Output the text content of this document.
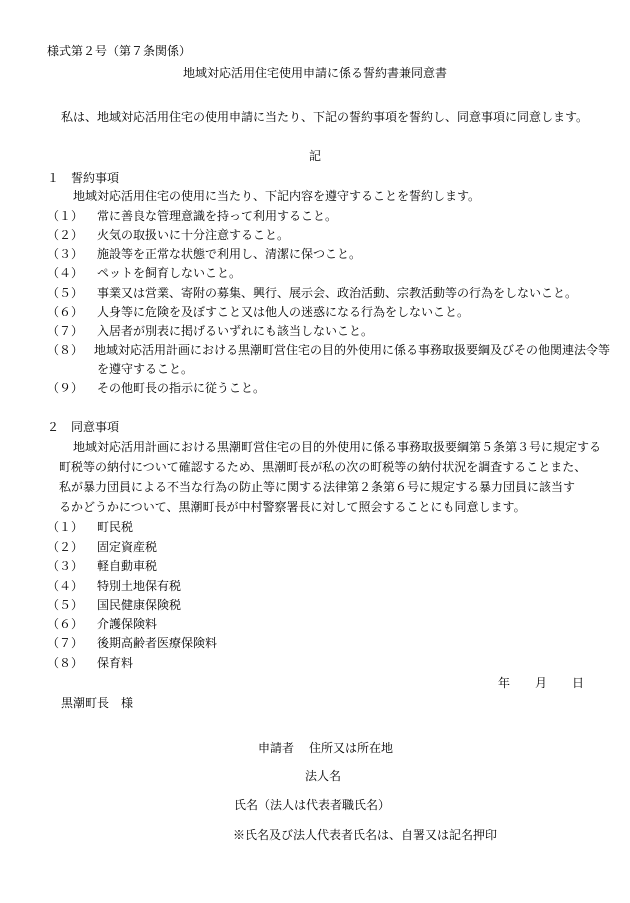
様式第２号（第７条関係）
地域対応活用住宅使用申請に係る誓約書兼同意書
私は、地域対応活用住宅の使用申請に当たり、下記の誓約事項を誓約し、同意事項に同意します。
記
１　誓約事項
地域対応活用住宅の使用に当たり、下記内容を遵守することを誓約します。
（１） 常に善良な管理意識を持って利用すること。
（２） 火気の取扱いに十分注意すること。
（３） 施設等を正常な状態で利用し、清潔に保つこと。
（４） ペットを飼育しないこと。
（５） 事業又は営業、寄附の募集、興行、展示会、政治活動、宗教活動等の行為をしないこと。
（６） 人身等に危険を及ぼすこと又は他人の迷惑になる行為をしないこと。
（７） 入居者が別表に掲げるいずれにも該当しないこと。
（８） 地域対応活用計画における黒潮町営住宅の目的外使用に係る事務取扱要綱及びその他関連法令等
を遵守すること。
（９） その他町長の指示に従うこと。
２　同意事項
地域対応活用計画における黒潮町営住宅の目的外使用に係る事務取扱要綱第５条第３号に規定する
町税等の納付について確認するため、黒潮町長が私の次の町税等の納付状況を調査することまた、
私が暴力団員による不当な行為の防止等に関する法律第２条第６号に規定する暴力団員に該当す
るかどうかについて、黒潮町長が中村警察署長に対して照会することにも同意します。
（１） 町民税
（２） 固定資産税
（３） 軽自動車税
（４） 特別土地保有税
（５） 国民健康保険税
（６） 介護保険料
（７） 後期高齢者医療保険料
（８） 保育料
年 月 日
黒潮町長　様
申請者 住所又は所在地
法人名
氏名（法人は代表者職氏名）
※氏名及び法人代表者氏名は、自署又は記名押印
